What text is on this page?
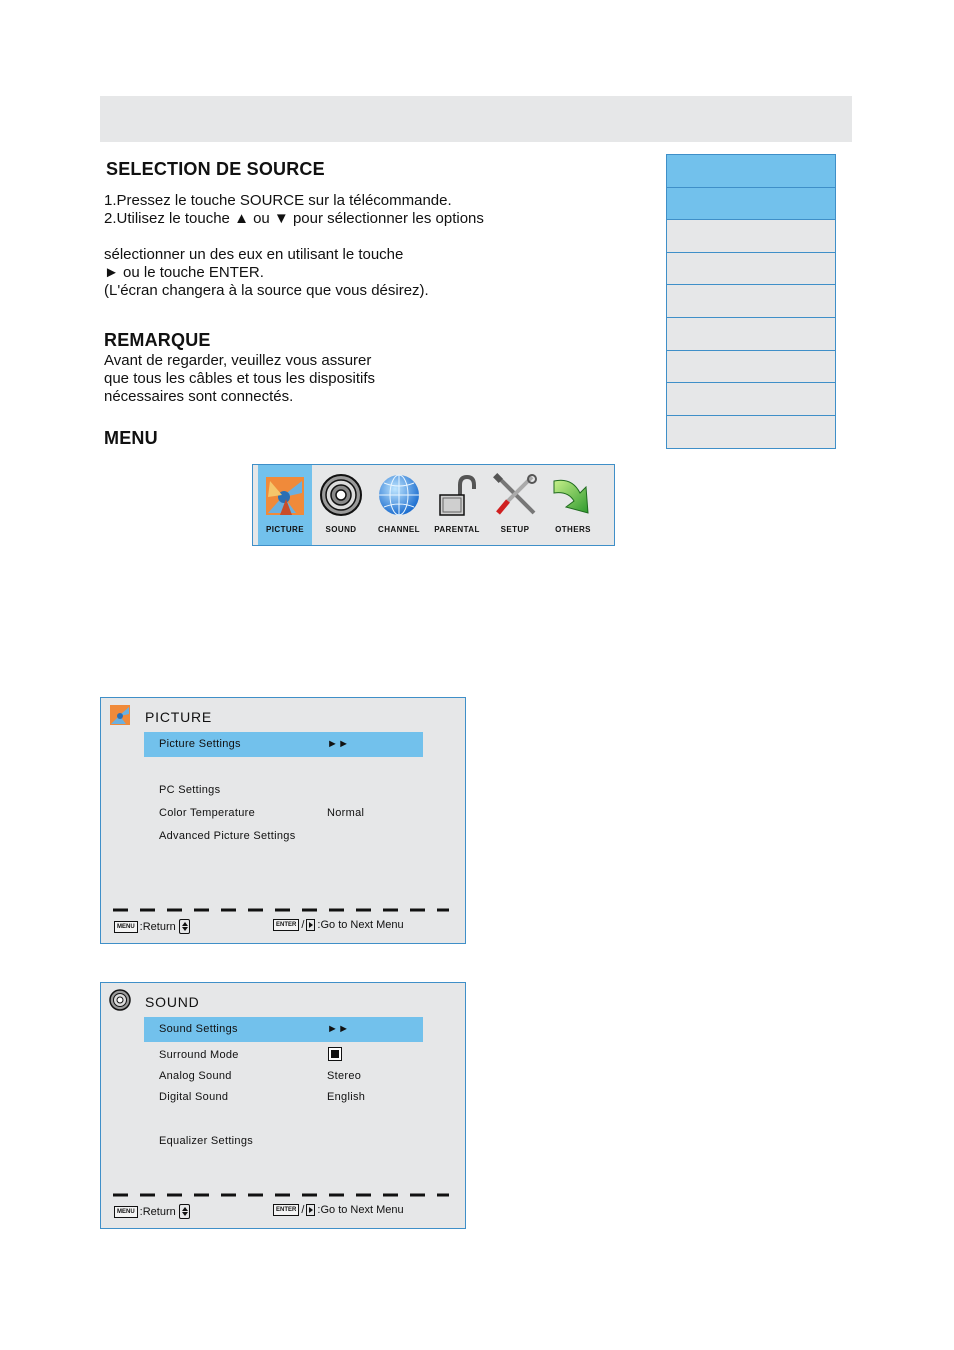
SELECTION DE SOURCE

1.Pressez le touche SOURCE sur la télécommande.

2.Utilisez le touche ▲ ou ▼ pour sélectionner les options

sélectionner un des eux en utilisant le touche

► ou le touche ENTER.

(L'écran changera à la source que vous désirez).

REMARQUE

Avant de regarder, veuillez vous assurer

que tous les câbles et tous les dispositifs

nécessaires sont connectés.

MENU
PICTURE	SOUND	CHANNEL	PARENTAL	SETUP	OTHERS
PICTURE
Picture Settings	►►
PC Settings
Color Temperature	Normal
Advanced Picture Settings
MENU :Return	ENTER / :Go to Next Menu
SOUND
Sound Settings	►►
Surround Mode
Analog Sound	Stereo
Digital Sound	English
Equalizer Settings
MENU :Return	ENTER / :Go to Next Menu
